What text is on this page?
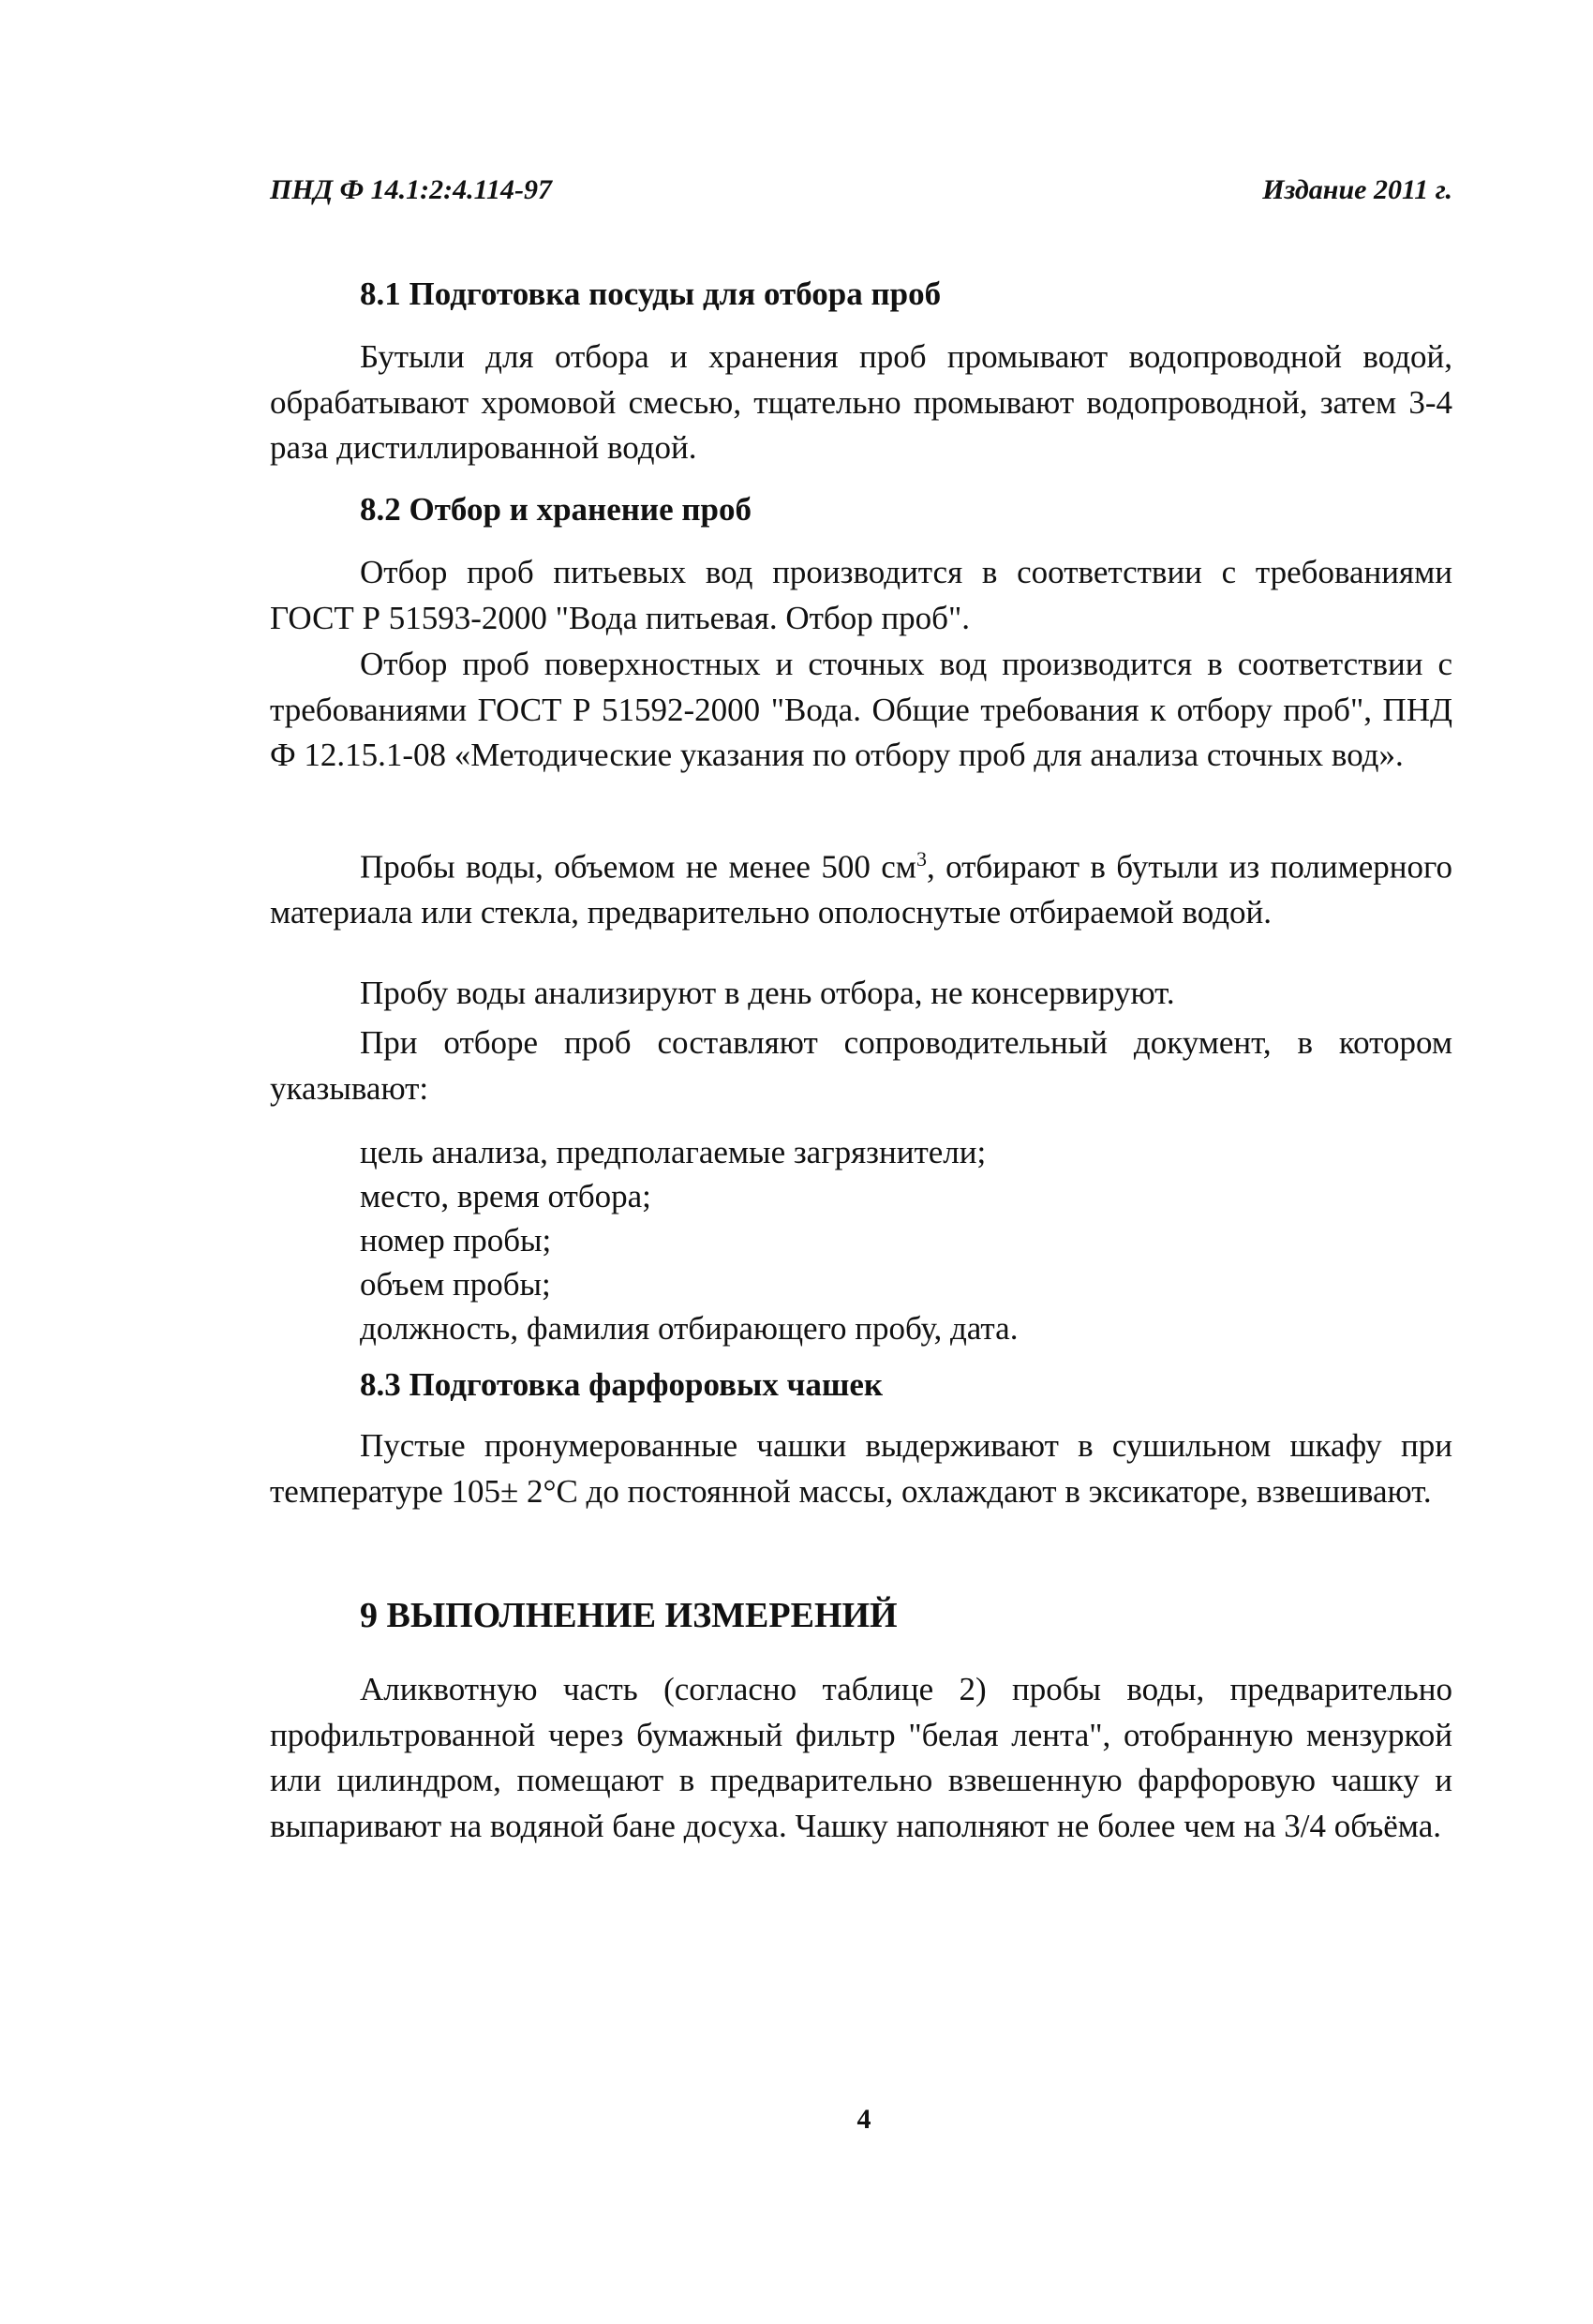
ПНД Ф 14.1:2:4.114-97	Издание 2011 г.
8.1 Подготовка посуды для отбора проб

Бутыли для отбора и хранения проб промывают водопроводной водой, обрабатывают хромовой смесью, тщательно промывают водопроводной, затем 3-4 раза дистиллированной водой.

8.2 Отбор и хранение проб

Отбор проб питьевых вод производится в соответствии с требованиями ГОСТ Р 51593-2000 "Вода питьевая. Отбор проб".

Отбор проб поверхностных и сточных вод производится в соответствии с требованиями ГОСТ Р 51592-2000 "Вода. Общие требования к отбору проб", ПНД Ф 12.15.1-08 «Методические указания по отбору проб для анализа сточных вод».

Пробы воды, объемом не менее 500 $см^3$, отбирают в бутыли из полимерного материала или стекла, предварительно ополоснутые отбираемой водой.

Пробу воды анализируют в день отбора, не консервируют.

При отборе проб составляют сопроводительный документ, в котором указывают:

цель анализа, предполагаемые загрязнители;
место, время отбора;
номер пробы;
объем пробы;
должность, фамилия отбирающего пробу, дата.
8.3 Подготовка фарфоровых чашек

Пустые пронумерованные чашки выдерживают в сушильном шкафу при температуре 105± 2°С до постоянной массы, охлаждают в эксикаторе, взвешивают.

9 ВЫПОЛНЕНИЕ ИЗМЕРЕНИЙ

Аликвотную часть (согласно таблице 2) пробы воды, предварительно профильтрованной через бумажный фильтр "белая лента", отобранную мензуркой или цилиндром, помещают в предварительно взвешенную фарфоровую чашку и выпаривают на водяной бане досуха. Чашку наполняют не более чем на 3/4 объёма.

4
